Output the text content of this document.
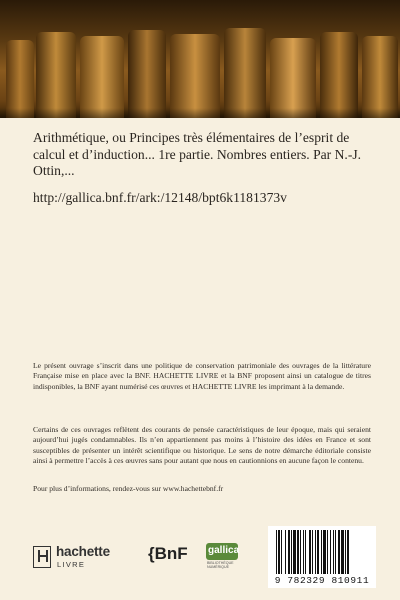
Arithmétique, ou Principes très élémentaires de l’esprit de calcul et d’induction... 1re partie. Nombres entiers. Par N.-J. Ottin,...

http://gallica.bnf.fr/ark:/12148/bpt6k1181373v

Le présent ouvrage s’inscrit dans une politique de conservation patrimoniale des ouvrages de la littérature Française mise en place avec la BNF. HACHETTE LIVRE et la BNF proposent ainsi un catalogue de titres indisponibles, la BNF ayant numérisé ces œuvres et HACHETTE LIVRE les imprimant à la demande.

Certains de ces ouvrages reflètent des courants de pensée caractéristiques de leur époque, mais qui seraient aujourd’hui jugés condamnables. Ils n’en appartiennent pas moins à l’histoire des idées en France et sont susceptibles de présenter un intérêt scientifique ou historique. Le sens de notre démarche éditoriale consiste ainsi à permettre l’accès à ces œuvres sans pour autant que nous en cautionnions en aucune façon le contenu.

Pour plus d’informations, rendez-vous sur www.hachettebnf.fr

hachette
LIVRE
{BnF gallica
BIBLIOTHÈQUE NUMÉRIQUE
9 782329 810911
